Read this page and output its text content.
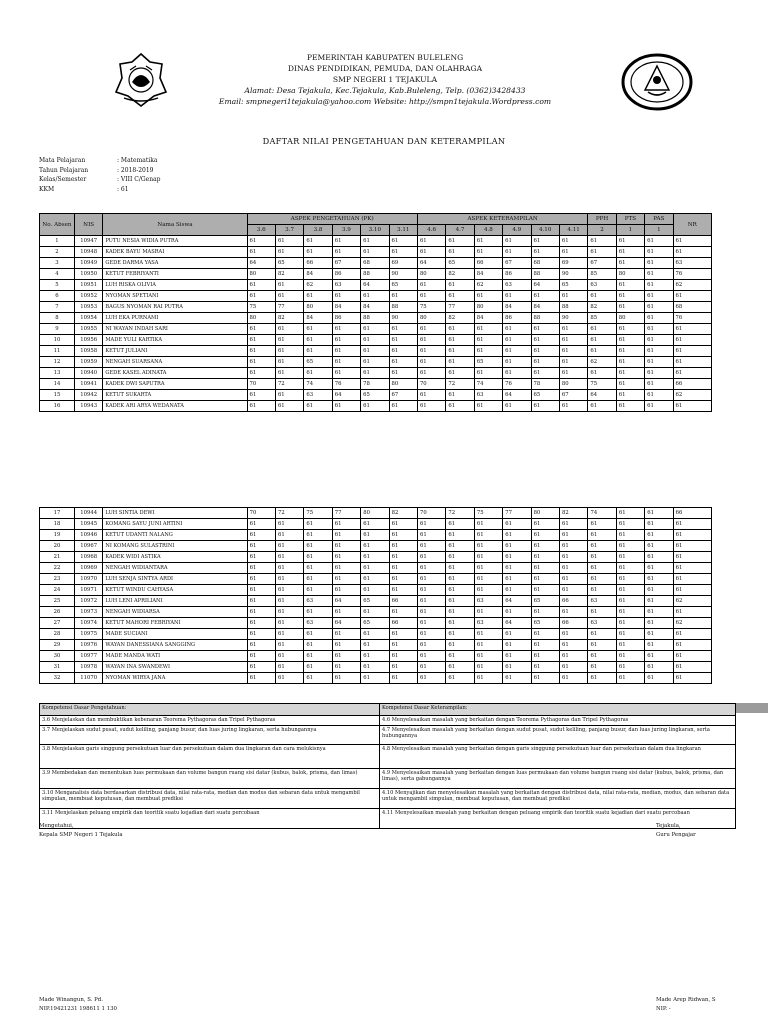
PEMERINTAH KABUPATEN BULELENG
DINAS PENDIDIKAN, PEMUDA, DAN OLAHRAGA
SMP NEGERI 1 TEJAKULA
Alamat: Desa Tejakula, Kec.Tejakula, Kab.Buleleng, Telp. (0362)3428433
Email: smpnegeri1tejakula@yahoo.com Website: http://smpn1tejakula.Wordpress.com
DAFTAR NILAI PENGETAHUAN DAN KETERAMPILAN
Mata Pelajaran	: Matematika
Tahun Pelajaran	: 2018-2019
Kelas/Semester	: VIII C/Genap
KKM	: 61
No. Absen	NIS	Nama Siswa	ASPEK PENGETAHUAN (PK)						ASPEK KETERAMPILAN						PPH	PTS	PAS	NR
			3.6	3.7	3.8	3.9	3.10	3.11	4.6	4.7	4.8	4.9	4.10	4.11	2	1	1	
1	10947	PUTU NESIA WIDIA PUTRA	61	61	61	61	61	61	61	61	61	61	61	61	61	61	61	61
2	10948	KADEK BAYU MASRAI	61	61	61	61	61	61	61	61	61	61	61	61	61	61	61	61
3	10949	GEDE DARMA YASA	64	65	66	67	68	69	64	65	66	67	68	69	67	61	61	63
4	10950	KETUT FEBRIYANTI	80	82	84	86	88	90	80	82	84	86	88	90	85	80	61	76
5	10951	LUH RISKA OLIVIA	61	61	62	63	64	65	61	61	62	63	64	65	63	61	61	62
6	10952	NYOMAN SPETIANI	61	61	61	61	61	61	61	61	61	61	61	61	61	61	61	61
7	10953	BAGUS NYOMAN RAI PUTRA	75	77	80	84	84	88	75	77	80	84	84	88	82	61	61	68
8	10954	LUH EKA PURNAMI	80	82	84	86	88	90	80	82	84	86	88	90	85	80	61	76
9	10955	NI WAYAN INDAH SARI	61	61	61	61	61	61	61	61	61	61	61	61	61	61	61	61
10	10956	MADE YULI KARTIKA	61	61	61	61	61	61	61	61	61	61	61	61	61	61	61	61
11	10958	KETUT JULIANI	61	61	61	61	61	61	61	61	61	61	61	61	61	61	61	61
12	10959	NENGAH SUARSANA	61	61	65	61	61	61	61	61	65	61	61	61	62	61	61	61
13	10940	GEDE KASEL ADINATA	61	61	61	61	61	61	61	61	61	61	61	61	61	61	61	61
14	10941	KADEK DWI SAPUTRA	70	72	74	76	78	80	70	72	74	76	78	80	75	61	61	66
15	10942	KETUT SUKARTA	61	61	63	64	65	67	61	61	63	64	65	67	64	61	61	62
16	10943	KADEK ARI ARYA WEDANATA	61	61	61	61	61	61	61	61	61	61	61	61	61	61	61	61
17	10944	LUH SINTIA DEWI	70	72	75	77	80	82	70	72	75	77	80	82	74	61	61	66
18	10945	KOMANG SAYU JUNI ARTINI	61	61	61	61	61	61	61	61	61	61	61	61	61	61	61	61
19	10946	KETUT UDANTI NALANG	61	61	61	61	61	61	61	61	61	61	61	61	61	61	61	61
20	10967	NI KOMANG SULASTRINI	61	61	61	61	61	61	61	61	61	61	61	61	61	61	61	61
21	10968	KADEK WIDI ASTIKA	61	61	61	61	61	61	61	61	61	61	61	61	61	61	61	61
22	10969	NENGAH WIDIANTARA	61	61	61	61	61	61	61	61	61	61	61	61	61	61	61	61
23	10970	LUH SENJA SINTYA ARDI	61	61	61	61	61	61	61	61	61	61	61	61	61	61	61	61
24	10971	KETUT WINDU CAHYASA	61	61	61	61	61	61	61	61	61	61	61	61	61	61	61	61
25	10972	LUH LENI APRILIANI	61	61	63	64	65	66	61	61	63	64	65	66	63	61	61	62
26	10973	NENGAH WIDIARSA	61	61	61	61	61	61	61	61	61	61	61	61	61	61	61	61
27	10974	KETUT MAHORI FEBRIYANI	61	61	63	64	65	66	61	61	63	64	65	66	63	61	61	62
28	10975	MADE SUCIANI	61	61	61	61	61	61	61	61	61	61	61	61	61	61	61	61
29	10976	WAYAN DANESSIANA SANGGING	61	61	61	61	61	61	61	61	61	61	61	61	61	61	61	61
30	10977	MADE MANDA WATI	61	61	61	61	61	61	61	61	61	61	61	61	61	61	61	61
31	10978	WAYAN INA SWANDEWI	61	61	61	61	61	61	61	61	61	61	61	61	61	61	61	61
32	11070	NYOMAN WIRYA JANA	61	61	61	61	61	61	61	61	61	61	61	61	61	61	61	61
Kompetensi Dasar Pengetahuan:	Kompetensi Dasar Keterampilan:
3.6 Menjelaskan dan membuktikan kebenaran Teorema Pythagoras dan Tripel Pythagoras	4.6 Menyelesaikan masalah yang berkaitan dengan Teorema Pythagoras dan Tripel Pythagoras
3.7 Menjelaskan sudut pusat, sudut keliling, panjang busur, dan luas juring lingkaran, serta hubungannya	4.7 Menyelesaikan masalah yang berkaitan dengan sudut pusat, sudut keliling, panjang busur, dan luas juring lingkaran, serta hubungannya
3.8 Menjelaskan garis singgung persekutuan luar dan persekutuan dalam dua lingkaran dan cara melukisnya	4.8 Menyelesaikan masalah yang berkaitan dengan garis singgung persekutuan luar dan persekutuan dalam dua lingkaran
3.9 Membedakan dan menentukan luas permukaan dan volume bangun ruang sisi datar (kubus, balok, prisma, dan limas)	4.9 Menyelesaikan masalah yang berkaitan dengan luas permukaan dan volume bangun ruang sisi datar (kubus, balok, prisma, dan limas), serta gabungannya
3.10 Menganalisis data berdasarkan distribusi data, nilai rata-rata, median dan modus dan sebaran data untuk mengambil simpulan, membuat keputusan, dan membuat prediksi	4.10 Menyajikan dan menyelesaikan masalah yang berkaitan dengan distribusi data, nilai rata-rata, median, modus, dan sebaran data untuk mengambil simpulan, membuat keputusan, dan membuat prediksi
3.11 Menjelaskan peluang empirik dan teoritik suatu kejadian dari suatu percobaan	4.11 Menyelesaikan masalah yang berkaitan dengan peluang empirik dan teoritik suatu kejadian dari suatu percobaan
Mengetahui,
Kepala SMP Negeri 1 Tejakula
Made Winangun, S. Pd.
NIP.19421231 198611 1 130
Tejakula,
Guru Pengajar
Made Arep Ridwan, S
NIP. -
